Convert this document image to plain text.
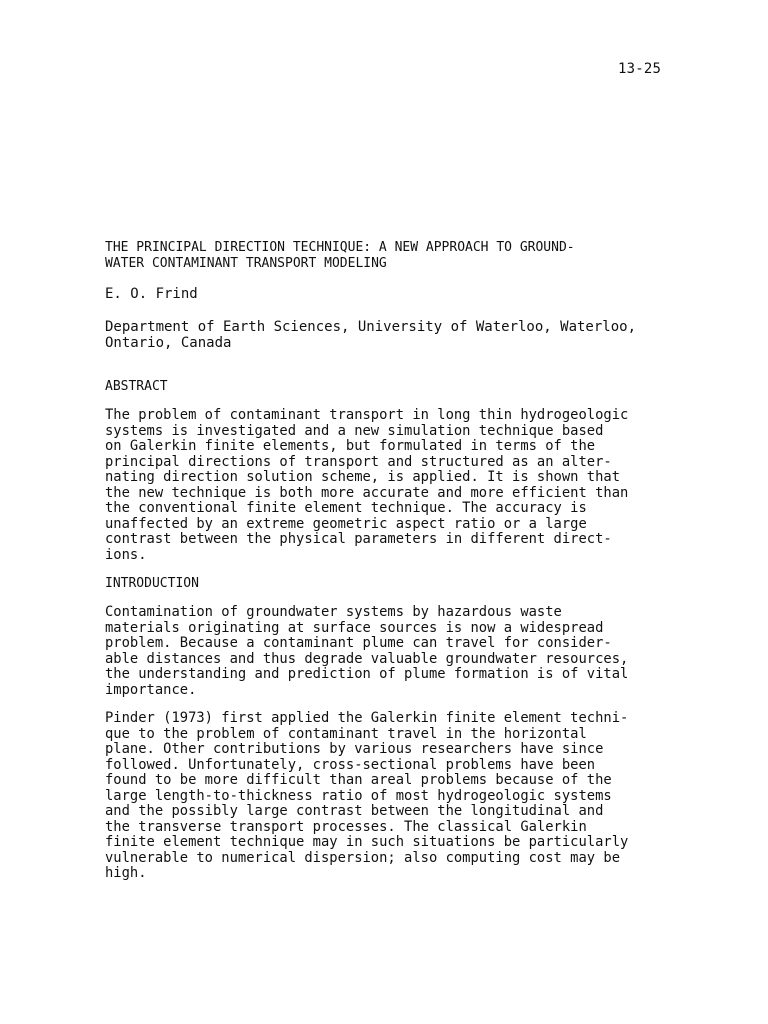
13-25
THE PRINCIPAL DIRECTION TECHNIQUE: A NEW APPROACH TO GROUND-
WATER CONTAMINANT TRANSPORT MODELING
E. O. Frind
Department of Earth Sciences, University of Waterloo, Waterloo,
Ontario, Canada
ABSTRACT

The problem of contaminant transport in long thin hydrogeologic
systems is investigated and a new simulation technique based
on Galerkin finite elements, but formulated in terms of the
principal directions of transport and structured as an alter-
nating direction solution scheme, is applied. It is shown that
the new technique is both more accurate and more efficient than
the conventional finite element technique. The accuracy is
unaffected by an extreme geometric aspect ratio or a large
contrast between the physical parameters in different direct-
ions.

INTRODUCTION

Contamination of groundwater systems by hazardous waste
materials originating at surface sources is now a widespread
problem. Because a contaminant plume can travel for consider-
able distances and thus degrade valuable groundwater resources,
the understanding and prediction of plume formation is of vital
importance.

Pinder (1973) first applied the Galerkin finite element techni-
que to the problem of contaminant travel in the horizontal
plane. Other contributions by various researchers have since
followed. Unfortunately, cross-sectional problems have been
found to be more difficult than areal problems because of the
large length-to-thickness ratio of most hydrogeologic systems
and the possibly large contrast between the longitudinal and
the transverse transport processes. The classical Galerkin
finite element technique may in such situations be particularly
vulnerable to numerical dispersion; also computing cost may be
high.
